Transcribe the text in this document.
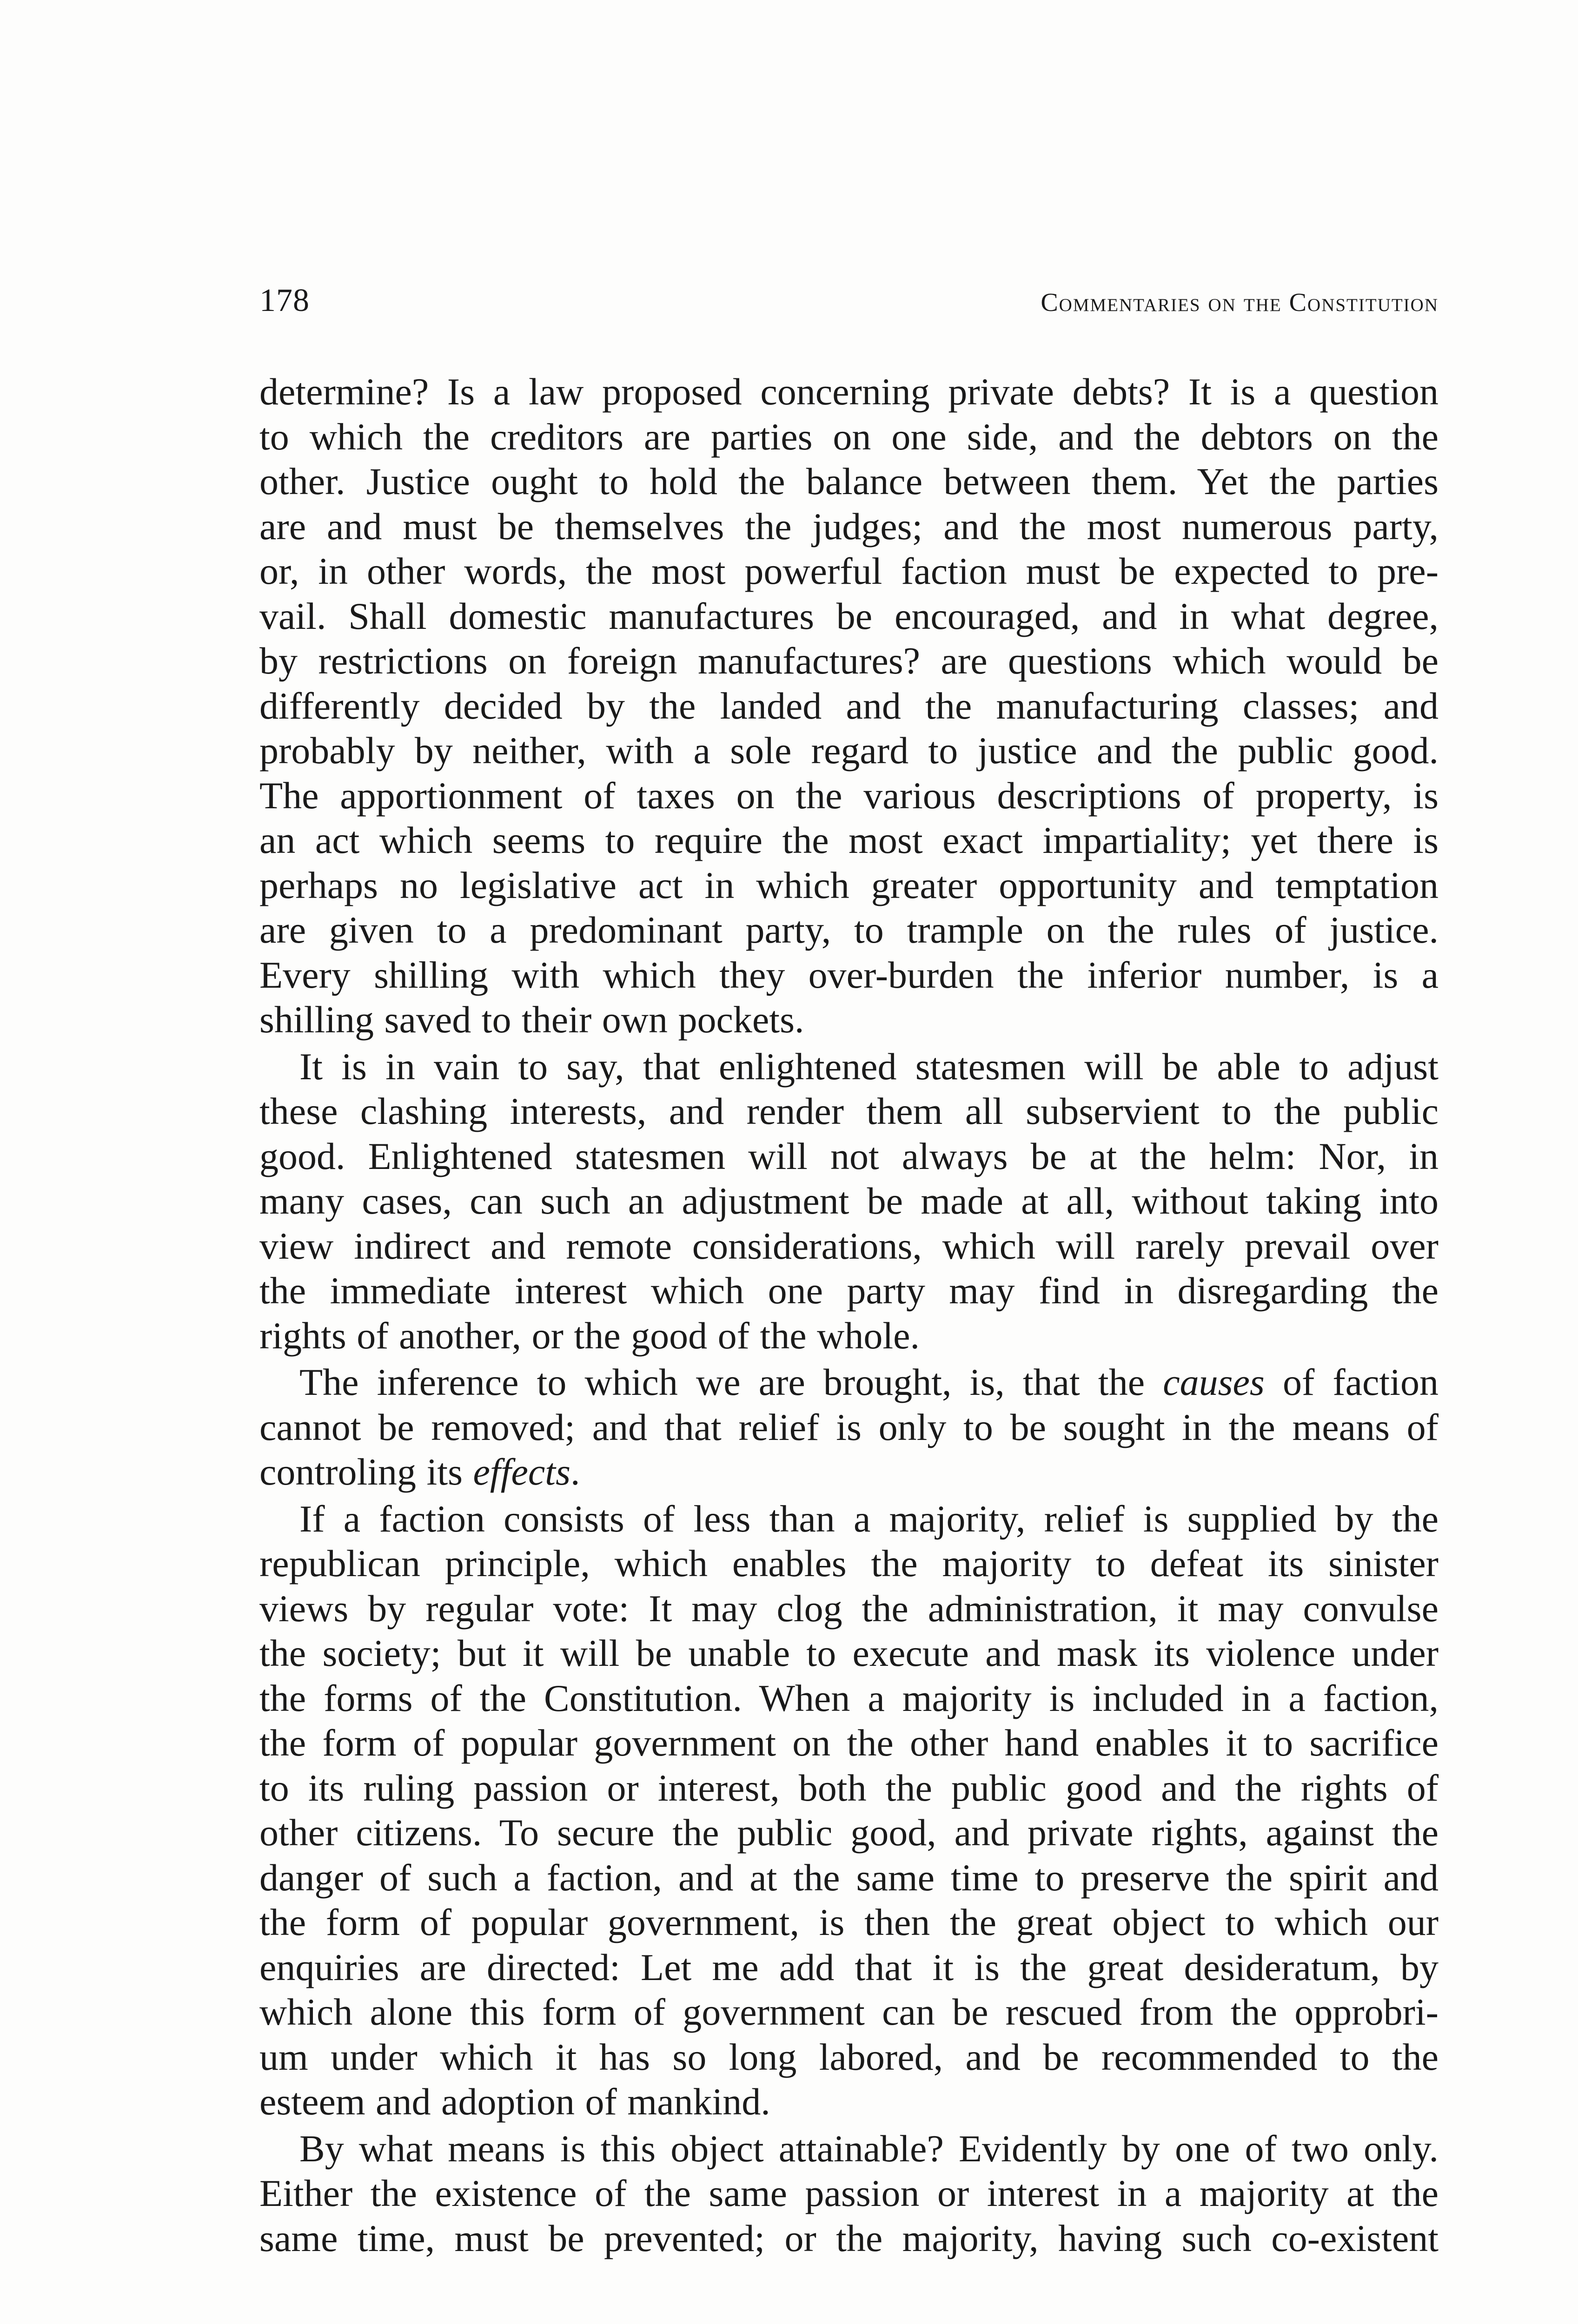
178	Commentaries on the Constitution

determine? Is a law proposed concerning private debts? It is a question
to which the creditors are parties on one side, and the debtors on the
other. Justice ought to hold the balance between them. Yet the parties
are and must be themselves the judges; and the most numerous party,
or, in other words, the most powerful faction must be expected to pre-
vail. Shall domestic manufactures be encouraged, and in what degree,
by restrictions on foreign manufactures? are questions which would be
differently decided by the landed and the manufacturing classes; and
probably by neither, with a sole regard to justice and the public good.
The apportionment of taxes on the various descriptions of property, is
an act which seems to require the most exact impartiality; yet there is
perhaps no legislative act in which greater opportunity and temptation
are given to a predominant party, to trample on the rules of justice.
Every shilling with which they over-burden the inferior number, is a
shilling saved to their own pockets.

It is in vain to say, that enlightened statesmen will be able to adjust
these clashing interests, and render them all subservient to the public
good. Enlightened statesmen will not always be at the helm: Nor, in
many cases, can such an adjustment be made at all, without taking into
view indirect and remote considerations, which will rarely prevail over
the immediate interest which one party may find in disregarding the
rights of another, or the good of the whole.

The inference to which we are brought, is, that the causes of faction
cannot be removed; and that relief is only to be sought in the means of
controling its effects.

If a faction consists of less than a majority, relief is supplied by the
republican principle, which enables the majority to defeat its sinister
views by regular vote: It may clog the administration, it may convulse
the society; but it will be unable to execute and mask its violence under
the forms of the Constitution. When a majority is included in a faction,
the form of popular government on the other hand enables it to sacrifice
to its ruling passion or interest, both the public good and the rights of
other citizens. To secure the public good, and private rights, against the
danger of such a faction, and at the same time to preserve the spirit and
the form of popular government, is then the great object to which our
enquiries are directed: Let me add that it is the great desideratum, by
which alone this form of government can be rescued from the opprobri-
um under which it has so long labored, and be recommended to the
esteem and adoption of mankind.

By what means is this object attainable? Evidently by one of two only.
Either the existence of the same passion or interest in a majority at the
same time, must be prevented; or the majority, having such co-existent
